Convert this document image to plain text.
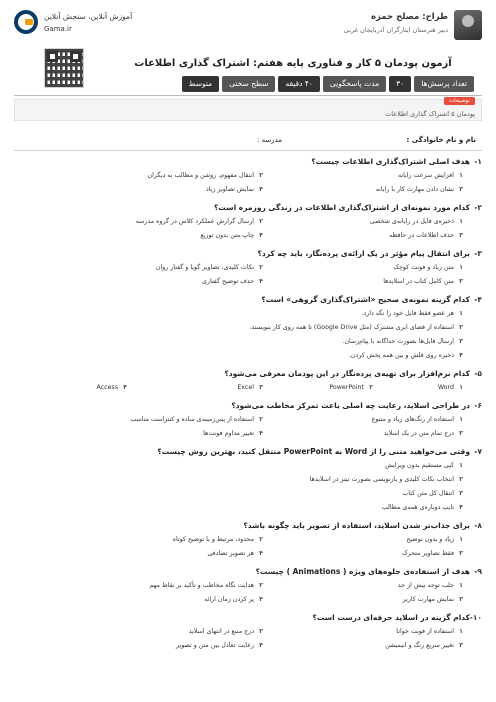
طراح: مصلح حمزه
دبیر هنرستان ایثارگران آذربایجان غربی
آموزش آنلاین، سنجش آنلاین
Gama.ir
آزمون پودمان ۵ کار و فناوری پایه هفتم: اشتراک گذاری اطلاعات
تعداد پرسش‌ها
۳۰
مدت پاسخگویی
۴۰ دقیقه
سطح سختی
متوسط
توضیحات
پودمان ۵ اشتراک گذاری اطلاعات
نام و نام خانوادگی :
مدرسه :
۱-
هدف اصلی اشتراک‌گذاری اطلاعات چیست؟
۱افزایش سرعت رایانه
۲انتقال مفهوم، روشن و مطالب به دیگران
۳نشان دادن مهارت کار با رایانه
۴نمایش تصاویر زیاد
۲-
کدام مورد نمونه‌ای از اشتراک‌گذاری اطلاعات در زندگی روزمره است؟
۱ذخیره‌ی فایل در رایانه‌ی شخصی
۲ارسال گزارش عملکرد کلاس در گروه مدرسه
۳حذف اطلاعات در حافظه
۴چاپ متن بدون توزیع
۳-
برای انتقال پیام مؤثر در یک ارائه‌ی پرده‌نگار، باید چه کرد؟
۱متن زیاد و فونت کوچک
۲نکات کلیدی، تصاویر گویا و گفتار روان
۳متن کامل کتاب در اسلایدها
۴حذف توضیح گفتاری
۴-
کدام گزینه نمونه‌ی صحیح «اشتراک‌گذاری گروهی» است؟
۱هر عضو فقط فایل خود را نگه دارد.
۲استفاده از فضای ابری مشترک (مثل Google Drive) تا همه روی کار بنویسند.
۳ارسال فایل‌ها بصورت جداگانه با پیام‌رسان.
۴ذخیره روی فلش و بین همه پخش کردن.
۵-
کدام نرم‌افزار برای تهیه‌ی پرده‌نگار در این پودمان معرفی می‌شود؟
۱Word
۲PowerPoint
۳Excel
۴Access
۶-
در طراحی اسلاید، رعایت چه اصلی باعث تمرکز مخاطب می‌شود؟
۱استفاده از رنگ‌های زیاد و متنوع
۲استفاده از پس‌زمینه‌ی ساده و کنتراست مناسب
۳درج تمام متن در یک اسلاید
۴تغییر مداوم فونت‌ها
۷-
وقتی می‌خواهید متنی را از Word به PowerPoint منتقل کنید، بهترین روش چیست؟
۱کپی مستقیم بدون ویرایش
۲انتخاب نکات کلیدی و بازنویسی بصورت تیتر در اسلایدها
۳انتقال کل متن کتاب
۴تایپ دوباره‌ی همه‌ی مطالب
۸-
برای جذاب‌تر شدن اسلاید، استفاده از تصویر باید چگونه باشد؟
۱زیاد و بدون توضیح
۲محدود، مرتبط و با توضیح کوتاه
۳فقط تصاویر متحرک
۴هر تصویر تصادفی
۹-
هدف از استفاده‌ی جلوه‌های ویژه ( Animations ) چیست؟
۱جلب توجه بیش از حد
۲هدایت نگاه مخاطب و تأکید بر نقاط مهم
۳نمایش مهارت کاربر
۴پر کردن زمان ارائه
۱۰-
کدام گزینه در اسلاید حرفه‌ای درست است؟
۱استفاده از فونت خوانا
۲درج منبع در انتهای اسلاید
۳تغییر سریع رنگ و انیمیشن
۴رعایت تعادل بین متن و تصویر
